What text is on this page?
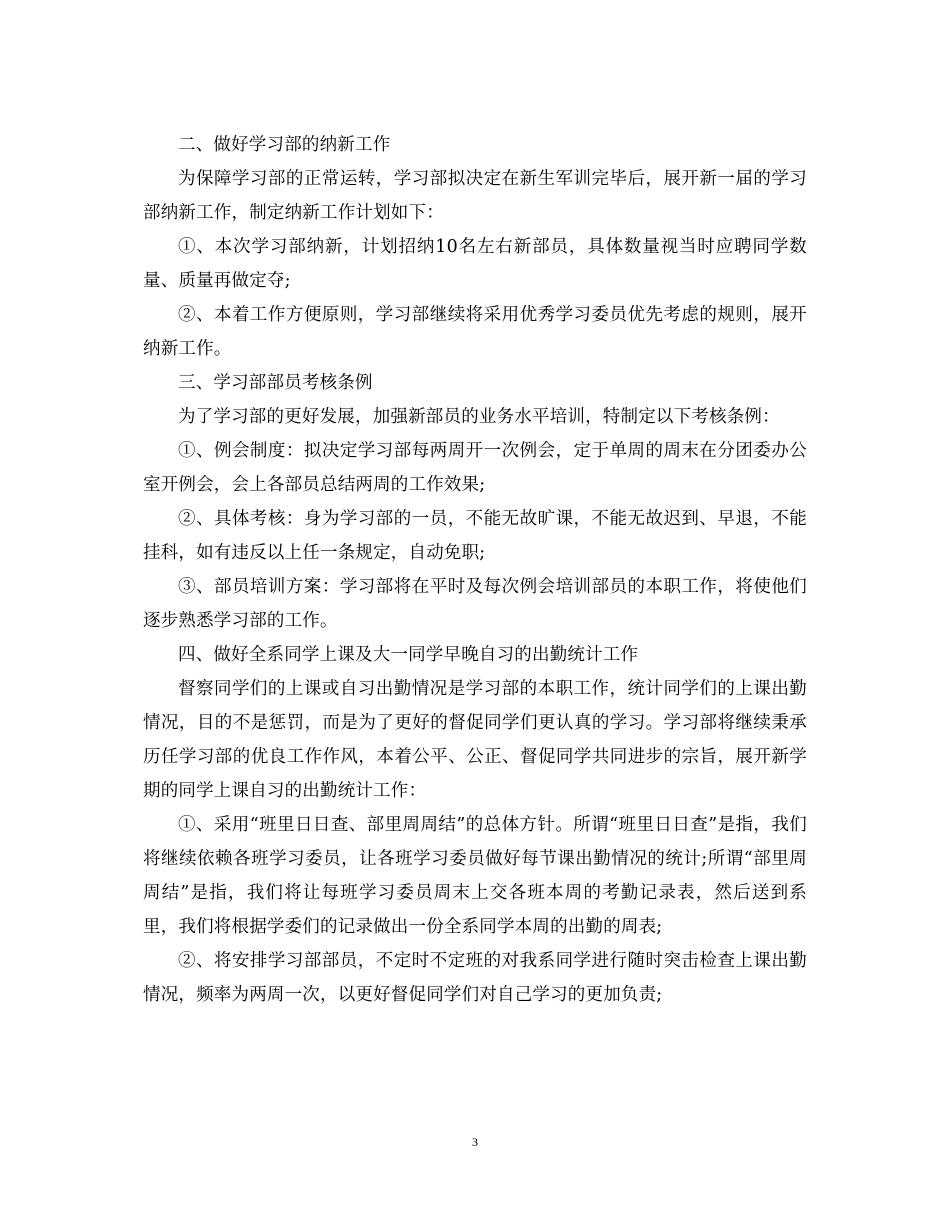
二、做好学习部的纳新工作

为保障学习部的正常运转，学习部拟决定在新生军训完毕后，展开新一届的学习部纳新工作，制定纳新工作计划如下：

①、本次学习部纳新，计划招纳10名左右新部员，具体数量视当时应聘同学数量、质量再做定夺;

②、本着工作方便原则，学习部继续将采用优秀学习委员优先考虑的规则，展开纳新工作。

三、学习部部员考核条例

为了学习部的更好发展，加强新部员的业务水平培训，特制定以下考核条例：

①、例会制度：拟决定学习部每两周开一次例会，定于单周的周末在分团委办公室开例会，会上各部员总结两周的工作效果;

②、具体考核：身为学习部的一员，不能无故旷课，不能无故迟到、早退，不能挂科，如有违反以上任一条规定，自动免职;

③、部员培训方案：学习部将在平时及每次例会培训部员的本职工作，将使他们逐步熟悉学习部的工作。

四、做好全系同学上课及大一同学早晚自习的出勤统计工作

督察同学们的上课或自习出勤情况是学习部的本职工作，统计同学们的上课出勤情况，目的不是惩罚，而是为了更好的督促同学们更认真的学习。学习部将继续秉承历任学习部的优良工作作风，本着公平、公正、督促同学共同进步的宗旨，展开新学期的同学上课自习的出勤统计工作：

①、采用“班里日日查、部里周周结”的总体方针。所谓“班里日日查”是指，我们将继续依赖各班学习委员，让各班学习委员做好每节课出勤情况的统计;所谓“部里周周结”是指，我们将让每班学习委员周末上交各班本周的考勤记录表，然后送到系里，我们将根据学委们的记录做出一份全系同学本周的出勤的周表;

②、将安排学习部部员，不定时不定班的对我系同学进行随时突击检查上课出勤情况，频率为两周一次，以更好督促同学们对自己学习的更加负责;

3
